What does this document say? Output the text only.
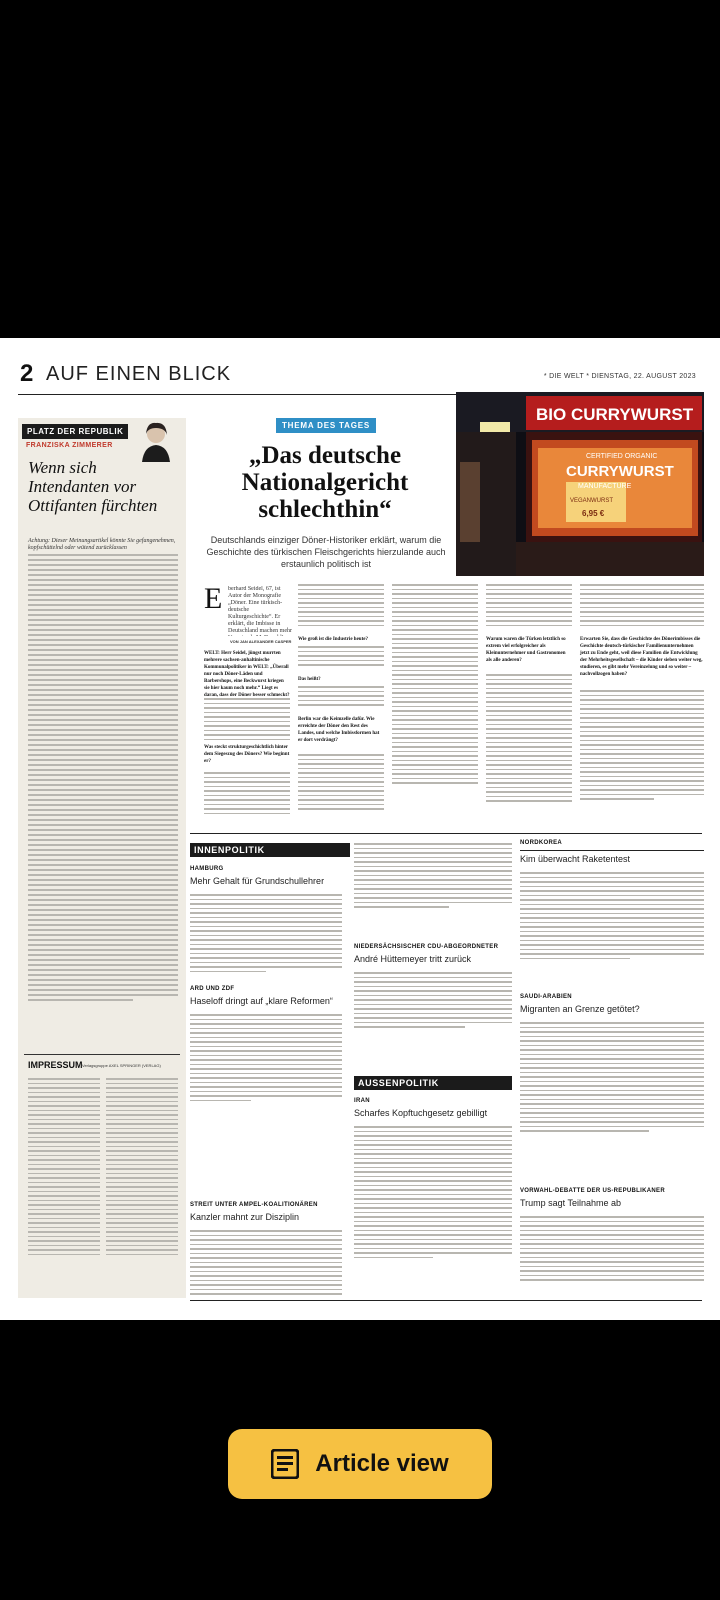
2 AUF EINEN BLICK	* DIE WELT * DIENSTAG, 22. AUGUST 2023
PLATZ DER REPUBLIK
FRANZISKA ZIMMERER
Wenn sich Intendanten vor Ottifanten fürchten
Achtung: Dieser Meinungsartikel könnte Sie gefangenehmen, kopfschüttelnd oder wütend zurücklassen
IMPRESSUM Verlagsgruppe AXEL SPRINGER (VERLAG)
THEMA DES TAGES
„Das deutsche Nationalgericht schlechthin“
Deutschlands einziger Döner-Historiker erklärt, warum die Geschichte des türkischen Fleischgerichts hierzulande auch erstaunlich politisch ist
BIO CURRYWURST
CERTIFIED ORGANIC
CURRYWURST
MANUFACTURE
VEGANWURST
6,95 €
E berhard Seidel, 67, ist Autor der Monografie „Döner. Eine türkisch-deutsche Kulturgeschichte“. Er erklärt, die Imbisse in Deutschland machen mehr
VON JAN ALEXANDER CASPER
WELT: Herr Seidel, jüngst murrten mehrere sachsen-anhaltinische Kommunalpolitiker in WELT: „Überall nur noch Döner-Läden und Barbershops, eine Beckwurst kriegen sie hier kaum noch mehr.“ Liegt es daran, dass der Döner besser schmeckt?
Was steckt strukturgeschichtlich hinter dem Siegeszug des Döners? Wie beginnt er?
Wie groß ist die Industrie heute?
Das heißt?
Berlin war die Keimzelle dafür. Wie erreichte der Döner den Rest des Landes, und welche Imbissformen hat er dort verdrängt?
Warum waren die Türken letztlich so extrem viel erfolgreicher als Kleinunternehmer und Gastronomen als alle anderen?
Erwarten Sie, dass die Geschichte des Dönerimbisses die Geschichte deutsch-türkischer Familienunternehmen jetzt zu Ende geht, weil diese Familien die Entwicklung der Mehrheitsgesellschaft – die Kinder sieben weiter weg, studieren, es gibt mehr Vereinzelung und so weiter – nachvollzogen haben?
INNENPOLITIK
HAMBURG
Mehr Gehalt für Grundschullehrer
ARD UND ZDF
Haseloff dringt auf „klare Reformen“
STREIT UNTER AMPEL-KOALITIONÄREN
Kanzler mahnt zur Disziplin
NIEDERSÄCHSISCHER CDU-ABGEORDNETER
André Hüttemeyer tritt zurück
AUSSENPOLITIK
IRAN
Scharfes Kopftuchgesetz gebilligt
NORDKOREA
Kim überwacht Raketentest
SAUDI-ARABIEN
Migranten an Grenze getötet?
VORWAHL-DEBATTE DER US-REPUBLIKANER
Trump sagt Teilnahme ab
Article view
